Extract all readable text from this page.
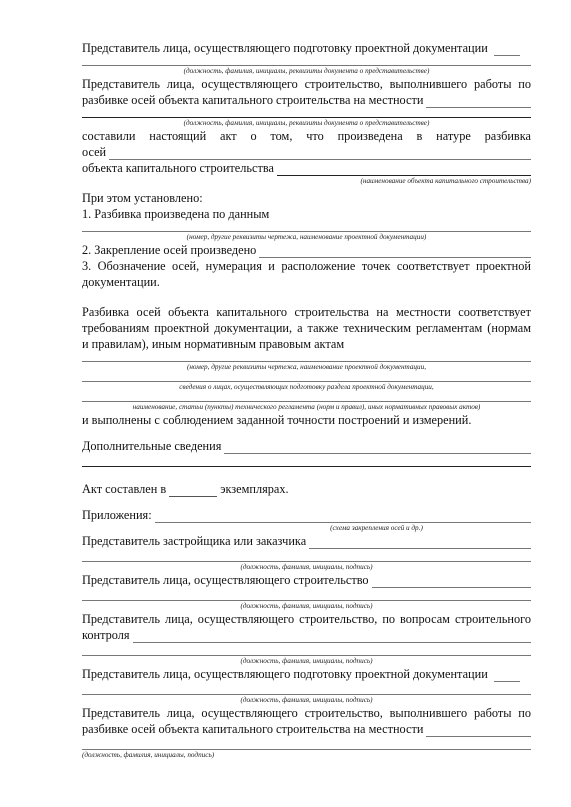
Представитель лица, осуществляющего подготовку проектной документации

(должность, фамилия, инициалы, реквизиты документа о представительстве)

Представитель лица, осуществляющего строительство, выполнившего работы по

разбивке осей объекта капитального строительства на местности

(должность, фамилия, инициалы, реквизиты документа о представительстве)

составили настоящий акт о том, что произведена в натуре разбивка

осей

объекта капитального строительства

(наименование объекта капитального строительства)

При этом установлено:

1. Разбивка произведена по данным

(номер, другие реквизиты чертежа, наименование проектной документации)

2. Закрепление осей произведено

3. Обозначение осей, нумерация и расположение точек соответствует проектной

документации.

Разбивка осей объекта капитального строительства на местности соответствует

требованиям проектной документации, а также техническим регламентам (нормам

и правилам), иным нормативным правовым актам

(номер, другие реквизиты чертежа, наименование проектной документации,
сведения о лицах, осуществляющих подготовку раздела проектной документации,
наименование, статьи (пункты) технического регламента (норм и правил), иных нормативных правовых актов)

и выполнены с соблюдением заданной точности построений и измерений.

Дополнительные сведения

Акт составлен в	экземплярах.

Приложения:

(схема закрепления осей и др.)

Представитель застройщика или заказчика

(должность, фамилия, инициалы, подпись)

Представитель лица, осуществляющего строительство

(должность, фамилия, инициалы, подпись)

Представитель лица, осуществляющего строительство, по вопросам строительного

контроля

(должность, фамилия, инициалы, подпись)

Представитель лица, осуществляющего подготовку проектной документации

(должность, фамилия, инициалы, подпись)

Представитель лица, осуществляющего строительство, выполнившего работы по

разбивке осей объекта капитального строительства на местности

(должность, фамилия, инициалы, подпись)
